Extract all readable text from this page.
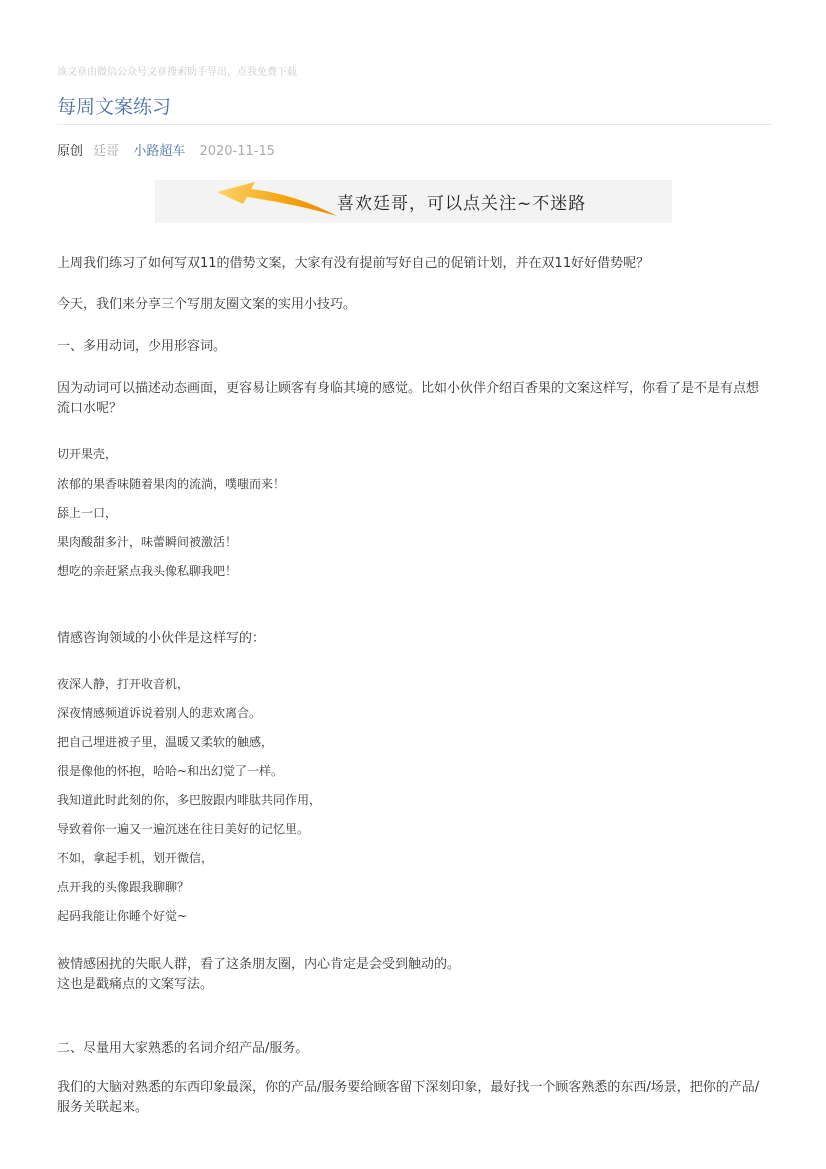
该文章由微信公众号文章搜索助手导出，点我免费下载
每周文案练习
原创 廷哥 小路超车 2020-11-15
喜欢廷哥，可以点关注~不迷路

上周我们练习了如何写双11的借势文案，大家有没有提前写好自己的促销计划，并在双11好好借势呢？

今天，我们来分享三个写朋友圈文案的实用小技巧。

一、多用动词，少用形容词。

因为动词可以描述动态画面，更容易让顾客有身临其境的感觉。比如小伙伴介绍百香果的文案这样写，你看了是不是有点想流口水呢？

切开果壳，

浓郁的果香味随着果肉的流淌，噗嗤而来！

舔上一口，

果肉酸甜多汁，味蕾瞬间被激活！

想吃的亲赶紧点我头像私聊我吧！

情感咨询领域的小伙伴是这样写的：

夜深人静，打开收音机，

深夜情感频道诉说着别人的悲欢离合。

把自己埋进被子里，温暖又柔软的触感，

很是像他的怀抱，哈哈~和出幻觉了一样。

我知道此时此刻的你，多巴胺跟内啡肽共同作用，

导致着你一遍又一遍沉迷在往日美好的记忆里。

不如，拿起手机，划开微信，

点开我的头像跟我聊聊？

起码我能让你睡个好觉~

被情感困扰的失眠人群，看了这条朋友圈，内心肯定是会受到触动的。

这也是戳痛点的文案写法。

二、尽量用大家熟悉的名词介绍产品/服务。

我们的大脑对熟悉的东西印象最深，你的产品/服务要给顾客留下深刻印象，最好找一个顾客熟悉的东西/场景，把你的产品/服务关联起来。
